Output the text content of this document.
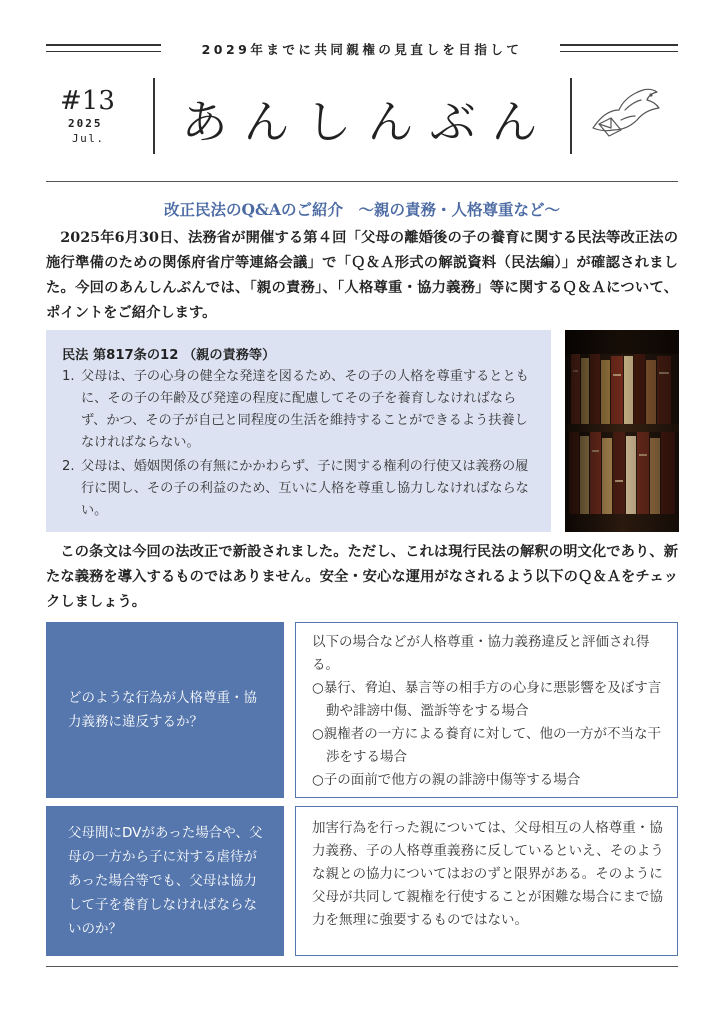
2029年までに共同親権の見直しを目指して
#13
2025
Jul. あんしんぶん
改正民法のQ&Aのご紹介　～親の責務・人格尊重など～
2025年6月30日、法務省が開催する第４回「父母の離婚後の子の養育に関する民法等改正法の施行準備のための関係府省庁等連絡会議」で「Ｑ＆Ａ形式の解説資料（民法編）」が確認されました。今回のあんしんぶんでは、「親の責務」、「人格尊重・協力義務」等に関するＱ＆Ａについて、ポイントをご紹介します。
民法 第817条の12 （親の責務等）
1. 父母は、子の心身の健全な発達を図るため、その子の人格を尊重するとともに、その子の年齢及び発達の程度に配慮してその子を養育しなければならず、かつ、その子が自己と同程度の生活を維持することができるよう扶養しなければならない。
2. 父母は、婚姻関係の有無にかかわらず、子に関する権利の行使又は義務の履行に関し、その子の利益のため、互いに人格を尊重し協力しなければならない。
この条文は今回の法改正で新設されました。ただし、これは現行民法の解釈の明文化であり、新たな義務を導入するものではありません。安全・安心な運用がなされるよう以下のＱ＆Ａをチェックしましょう。
どのような行為が人格尊重・協力義務に違反するか？
以下の場合などが人格尊重・協力義務違反と評価され得る。
○暴行、脅迫、暴言等の相手方の心身に悪影響を及ぼす言動や誹謗中傷、濫訴等をする場合
○親権者の一方による養育に対して、他の一方が不当な干渉をする場合
○子の面前で他方の親の誹謗中傷等する場合
父母間にDVがあった場合や、父母の一方から子に対する虐待があった場合等でも、父母は協力して子を養育しなければならないのか？
加害行為を行った親については、父母相互の人格尊重・協力義務、子の人格尊重義務に反しているといえ、そのような親との協力についてはおのずと限界がある。そのように父母が共同して親権を行使することが困難な場合にまで協力を無理に強要するものではない。
